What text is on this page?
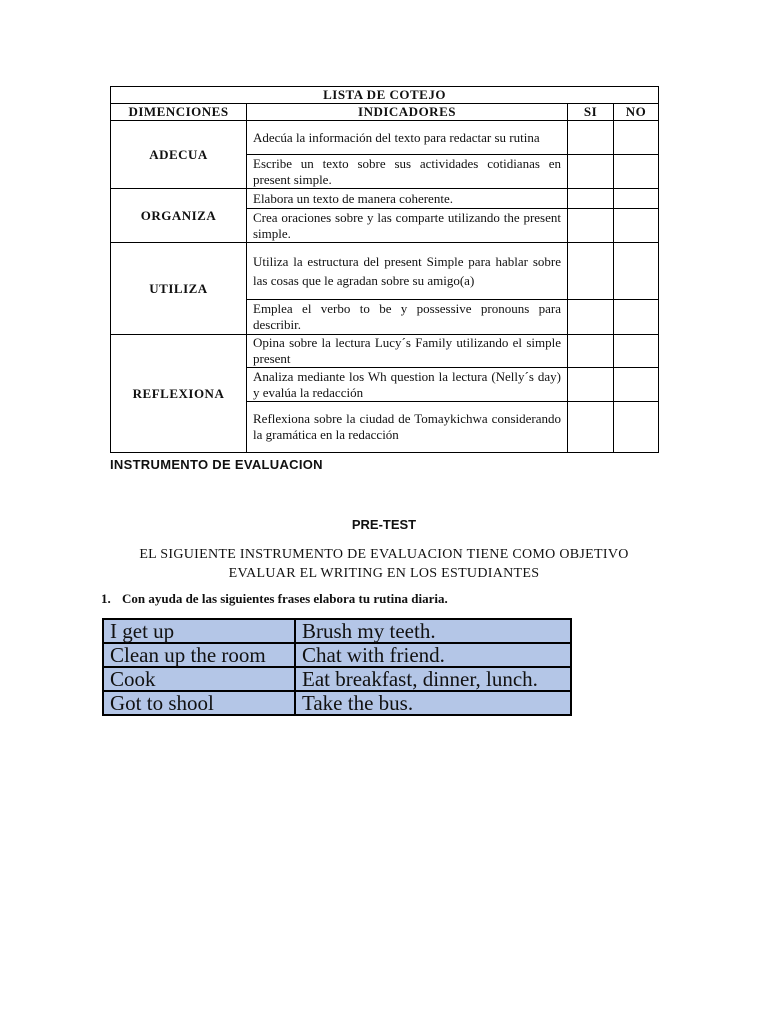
LISTA DE COTEJO			
DIMENCIONES	INDICADORES	SI	NO
ADECUA	Adecúa la información del texto para redactar su rutina		
	Escribe un texto sobre sus actividades cotidianas en present simple.		
ORGANIZA	Elabora un texto de manera coherente.		
	Crea oraciones sobre y las comparte utilizando the present simple.		
UTILIZA	Utiliza la estructura del present Simple para hablar sobre las cosas que le agradan sobre su amigo(a)		
	Emplea el verbo to be y possessive pronouns para describir.		
REFLEXIONA	Opina sobre la lectura Lucy´s Family utilizando el simple present		
	Analiza mediante los Wh question la lectura (Nelly´s day) y evalúa la redacción		
	Reflexiona sobre la ciudad de Tomaykichwa considerando la gramática en la redacción		
INSTRUMENTO DE EVALUACION
PRE-TEST
EL SIGUIENTE INSTRUMENTO DE EVALUACION TIENE COMO OBJETIVO
EVALUAR EL WRITING EN LOS ESTUDIANTES
1. Con ayuda de las siguientes frases elabora tu rutina diaria.
I get up	Brush my teeth.
Clean up the room	Chat with friend.
Cook	Eat breakfast, dinner, lunch.
Got to shool	Take the bus.
